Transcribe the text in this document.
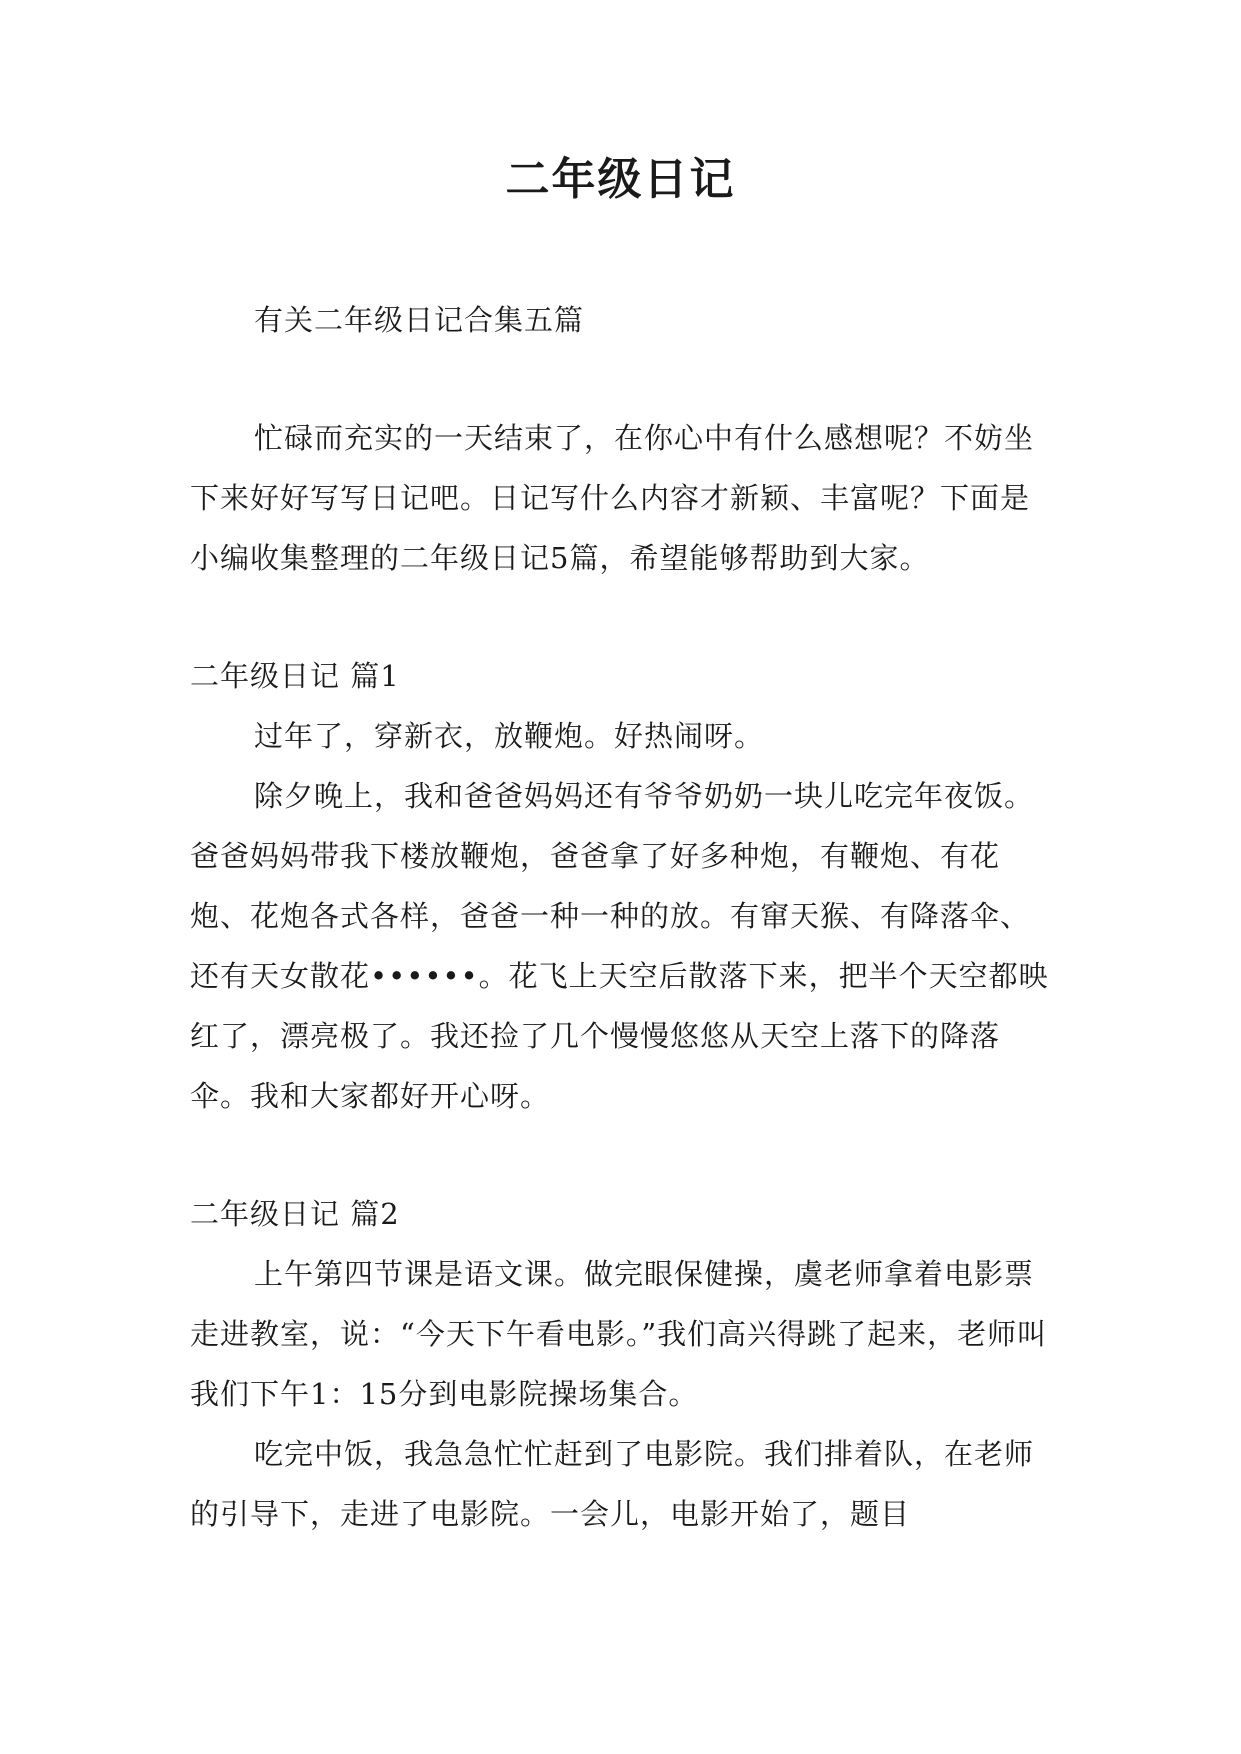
二年级日记

有关二年级日记合集五篇

忙碌而充实的一天结束了，在你心中有什么感想呢？不妨坐下来好好写写日记吧。日记写什么内容才新颖、丰富呢？下面是小编收集整理的二年级日记5篇，希望能够帮助到大家。

二年级日记 篇1

过年了，穿新衣，放鞭炮。好热闹呀。

除夕晚上，我和爸爸妈妈还有爷爷奶奶一块儿吃完年夜饭。爸爸妈妈带我下楼放鞭炮，爸爸拿了好多种炮，有鞭炮、有花炮、花炮各式各样，爸爸一种一种的放。有窜天猴、有降落伞、还有天女散花••••••。花飞上天空后散落下来，把半个天空都映红了，漂亮极了。我还捡了几个慢慢悠悠从天空上落下的降落伞。我和大家都好开心呀。

二年级日记 篇2

上午第四节课是语文课。做完眼保健操，虞老师拿着电影票走进教室，说：“今天下午看电影。”我们高兴得跳了起来，老师叫我们下午1：15分到电影院操场集合。

吃完中饭，我急急忙忙赶到了电影院。我们排着队，在老师的引导下，走进了电影院。一会儿，电影开始了，题目
